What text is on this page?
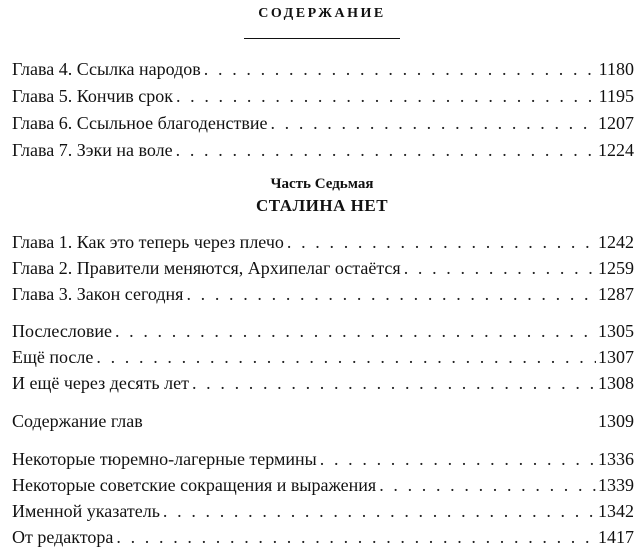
СОДЕРЖАНИЕ
Глава 4. Ссылка народов . . .	1180
Глава 5. Кончив срок . . .	1195
Глава 6. Ссыльное благоденствие . . .	1207
Глава 7. Зэки на воле . . .	1224
Часть Седьмая
СТАЛИНА НЕТ
Глава 1. Как это теперь через плечо . . .	1242
Глава 2. Правители меняются, Архипелаг остаётся . . .	1259
Глава 3. Закон сегодня . . .	1287
Послесловие . . .	1305
Ещё после . . .	1307
И ещё через десять лет . . .	1308
Содержание глав	1309
Некоторые тюремно-лагерные термины . . .	1336
Некоторые советские сокращения и выражения . . .	1339
Именной указатель . . .	1342
От редактора . . .	1417
